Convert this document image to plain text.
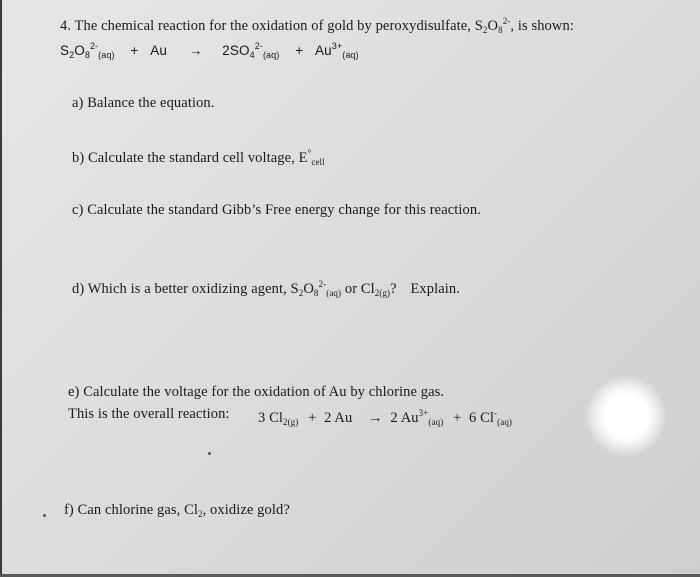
4. The chemical reaction for the oxidation of gold by peroxydisulfate, $S_2O_8^{2-}$, is shown:
$S_2O_8^{2-}_{(aq)} + Au \to 2SO_4^{2-}_{(aq)} + Au^{3+}_{(aq)}$
a) Balance the equation.
b) Calculate the standard cell voltage, $E^\circ_{cell}$
c) Calculate the standard Gibb’s Free energy change for this reaction.
d) Which is a better oxidizing agent, $S_2O_8^{2-}_{(aq)}$ or $Cl_{2(g)}$? Explain.
e) Calculate the voltage for the oxidation of Au by chlorine gas.
This is the overall reaction: 3 $Cl_{2(g)} + 2$ Au → 2 $Au^{3+}_{(aq)} + 6$ $Cl^-_{(aq)}$
f) Can chlorine gas, $Cl_2$, oxidize gold?
